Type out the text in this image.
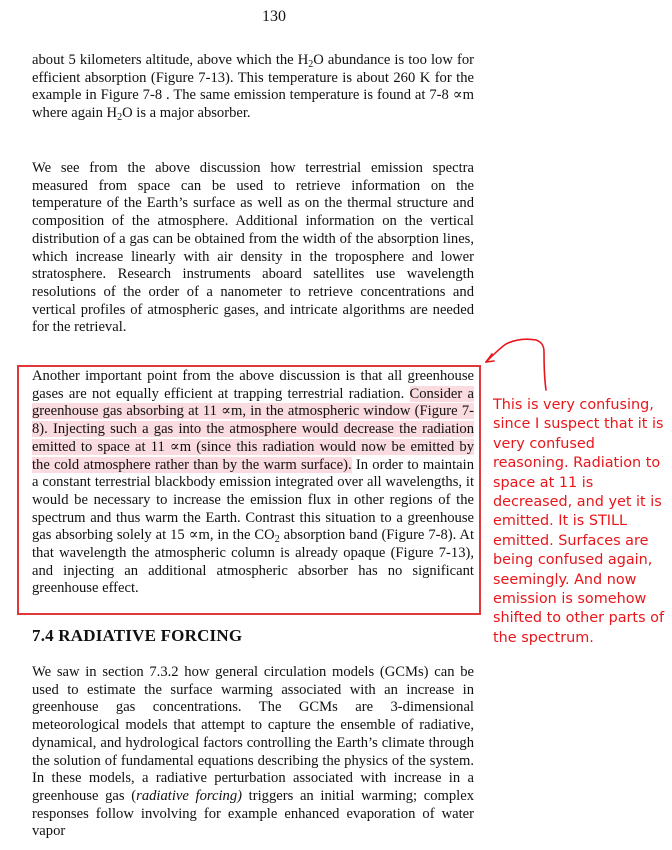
130

about 5 kilometers altitude, above which the $H_2O$ abundance is too low for efficient absorption (Figure 7-13). This temperature is about 260 K for the example in Figure 7-8 . The same emission temperature is found at 7-8 ∝m where again $H_2O$ is a major absorber.

We see from the above discussion how terrestrial emission spectra measured from space can be used to retrieve information on the temperature of the Earth’s surface as well as on the thermal structure and composition of the atmosphere. Additional information on the vertical distribution of a gas can be obtained from the width of the absorption lines, which increase linearly with air density in the troposphere and lower stratosphere. Research instruments aboard satellites use wavelength resolutions of the order of a nanometer to retrieve concentrations and vertical profiles of atmospheric gases, and intricate algorithms are needed for the retrieval.

Another important point from the above discussion is that all greenhouse gases are not equally efficient at trapping terrestrial radiation. Consider a greenhouse gas absorbing at 11 ∝m, in the atmospheric window (Figure 7-8). Injecting such a gas into the atmosphere would decrease the radiation emitted to space at 11 ∝m (since this radiation would now be emitted by the cold atmosphere rather than by the warm surface). In order to maintain a constant terrestrial blackbody emission integrated over all wavelengths, it would be necessary to increase the emission flux in other regions of the spectrum and thus warm the Earth. Contrast this situation to a greenhouse gas absorbing solely at 15 ∝m, in the $CO_2$ absorption band (Figure 7-8). At that wavelength the atmospheric column is already opaque (Figure 7-13), and injecting an additional atmospheric absorber has no significant greenhouse effect.

7.4 RADIATIVE FORCING

We saw in section 7.3.2 how general circulation models (GCMs) can be used to estimate the surface warming associated with an increase in greenhouse gas concentrations. The GCMs are 3-dimensional meteorological models that attempt to capture the ensemble of radiative, dynamical, and hydrological factors controlling the Earth’s climate through the solution of fundamental equations describing the physics of the system. In these models, a radiative perturbation associated with increase in a greenhouse gas (radiative forcing) triggers an initial warming; complex responses follow involving for example enhanced evaporation of water vapor

This is very confusing, since I suspect that it is very confused reasoning. Radiation to space at 11 is decreased, and yet it is emitted. It is STILL emitted. Surfaces are being confused again, seemingly. And now emission is somehow shifted to other parts of the spectrum.
